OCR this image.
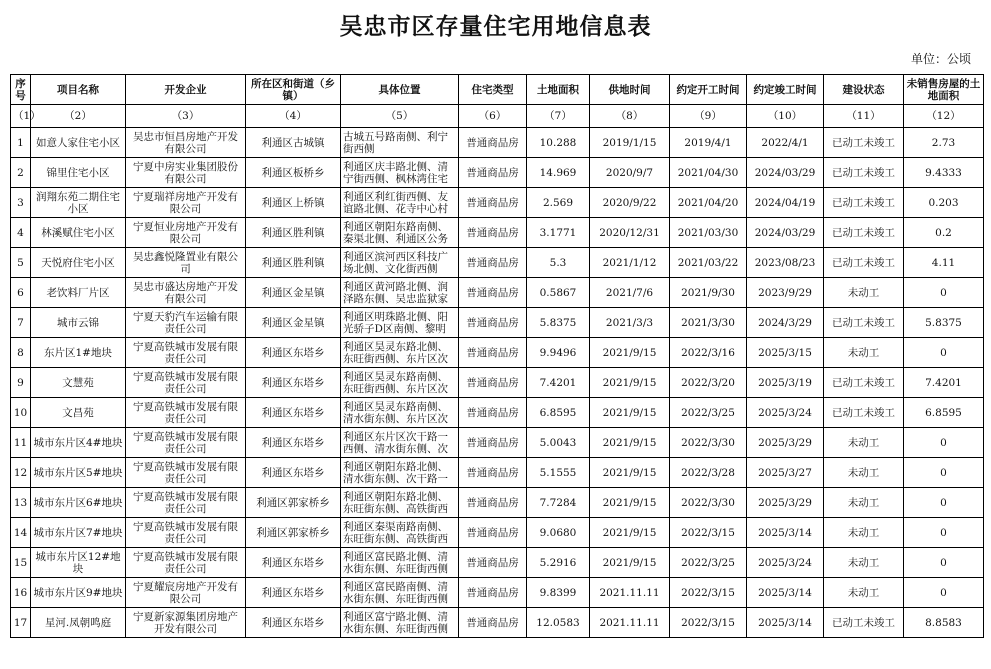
吴忠市区存量住宅用地信息表
单位：公顷
序号	项目名称	开发企业	所在区和街道（乡镇）	具体位置	住宅类型	土地面积	供地时间	约定开工时间	约定竣工时间	建设状态	未销售房屋的土地面积
（1）	（2）	（3）	（4）	（5）	（6）	（7）	（8）	（9）	（10）	（11）	（12）

1	如意人家住宅小区	吴忠市恒昌房地产开发有限公司	利通区古城镇	古城五号路南侧、利宁街西侧	普通商品房	10.288	2019/1/15	2019/4/1	2022/4/1	已动工未竣工	2.73

2	锦里住宅小区	宁夏中房实业集团股份有限公司	利通区板桥乡	利通区庆丰路北侧、清宁街西侧、枫林湾住宅	普通商品房	14.969	2020/9/7	2021/04/30	2024/03/29	已动工未竣工	9.4333

3	润翔东苑二期住宅小区	宁夏瑞祥房地产开发有限公司	利通区上桥镇	利通区利红街西侧、友谊路北侧、花寺中心村	普通商品房	2.569	2020/9/22	2021/04/20	2024/04/19	已动工未竣工	0.203

4	林溪赋住宅小区	宁夏恒业房地产开发有限公司	利通区胜利镇	利通区朝阳东路南侧、秦渠北侧、利通区公务	普通商品房	3.1771	2020/12/31	2021/03/30	2024/03/29	已动工未竣工	0.2

5	天悦府住宅小区	吴忠鑫悦隆置业有限公司	利通区胜利镇	利通区滨河西区科技广场北侧、文化街西侧	普通商品房	5.3	2021/1/12	2021/03/22	2023/08/23	已动工未竣工	4.11

6	老饮料厂片区	吴忠市盛达房地产开发有限公司	利通区金星镇	利通区黄河路北侧、润泽路东侧、吴忠监狱家	普通商品房	0.5867	2021/7/6	2021/9/30	2023/9/29	未动工	0

7	城市云锦	宁夏天豹汽车运输有限责任公司	利通区金星镇	利通区明珠路北侧、阳光骄子D区南侧、黎明	普通商品房	5.8375	2021/3/3	2021/3/30	2024/3/29	已动工未竣工	5.8375

8	东片区1#地块	宁夏高铁城市发展有限责任公司	利通区东塔乡	利通区昊灵东路北侧、东旺街西侧、东片区次	普通商品房	9.9496	2021/9/15	2022/3/16	2025/3/15	未动工	0

9	文慧苑	宁夏高铁城市发展有限责任公司	利通区东塔乡	利通区昊灵东路南侧、东旺街西侧、东片区次	普通商品房	7.4201	2021/9/15	2022/3/20	2025/3/19	已动工未竣工	7.4201

10	文昌苑	宁夏高铁城市发展有限责任公司	利通区东塔乡	利通区昊灵东路南侧、清水街东侧、东片区次	普通商品房	6.8595	2021/9/15	2022/3/25	2025/3/24	已动工未竣工	6.8595

11	城市东片区4#地块	宁夏高铁城市发展有限责任公司	利通区东塔乡	利通区东片区次干路一西侧、清水街东侧、次	普通商品房	5.0043	2021/9/15	2022/3/30	2025/3/29	未动工	0

12	城市东片区5#地块	宁夏高铁城市发展有限责任公司	利通区东塔乡	利通区朝阳东路北侧、清水街东侧、次干路一	普通商品房	5.1555	2021/9/15	2022/3/28	2025/3/27	未动工	0

13	城市东片区6#地块	宁夏高铁城市发展有限责任公司	利通区郭家桥乡	利通区朝阳东路北侧、东旺街东侧、高铁街西	普通商品房	7.7284	2021/9/15	2022/3/30	2025/3/29	未动工	0

14	城市东片区7#地块	宁夏高铁城市发展有限责任公司	利通区郭家桥乡	利通区秦渠南路南侧、东旺街东侧、高铁街西	普通商品房	9.0680	2021/9/15	2022/3/15	2025/3/14	未动工	0

15	城市东片区12#地块	宁夏高铁城市发展有限责任公司	利通区东塔乡	利通区富民路北侧、清水街东侧、东旺街西侧	普通商品房	5.2916	2021/9/15	2022/3/25	2025/3/24	未动工	0

16	城市东片区9#地块	宁夏耀宸房地产开发有限公司	利通区东塔乡	利通区富民路南侧、清水街东侧、东旺街西侧	普通商品房	9.8399	2021.11.11	2022/3/15	2025/3/14	未动工	0

17	星河.凤朝鸣庭	宁夏新家源集团房地产开发有限公司	利通区东塔乡	利通区富宁路北侧、清水街东侧、东旺街西侧	普通商品房	12.0583	2021.11.11	2022/3/15	2025/3/14	已动工未竣工	8.8583
